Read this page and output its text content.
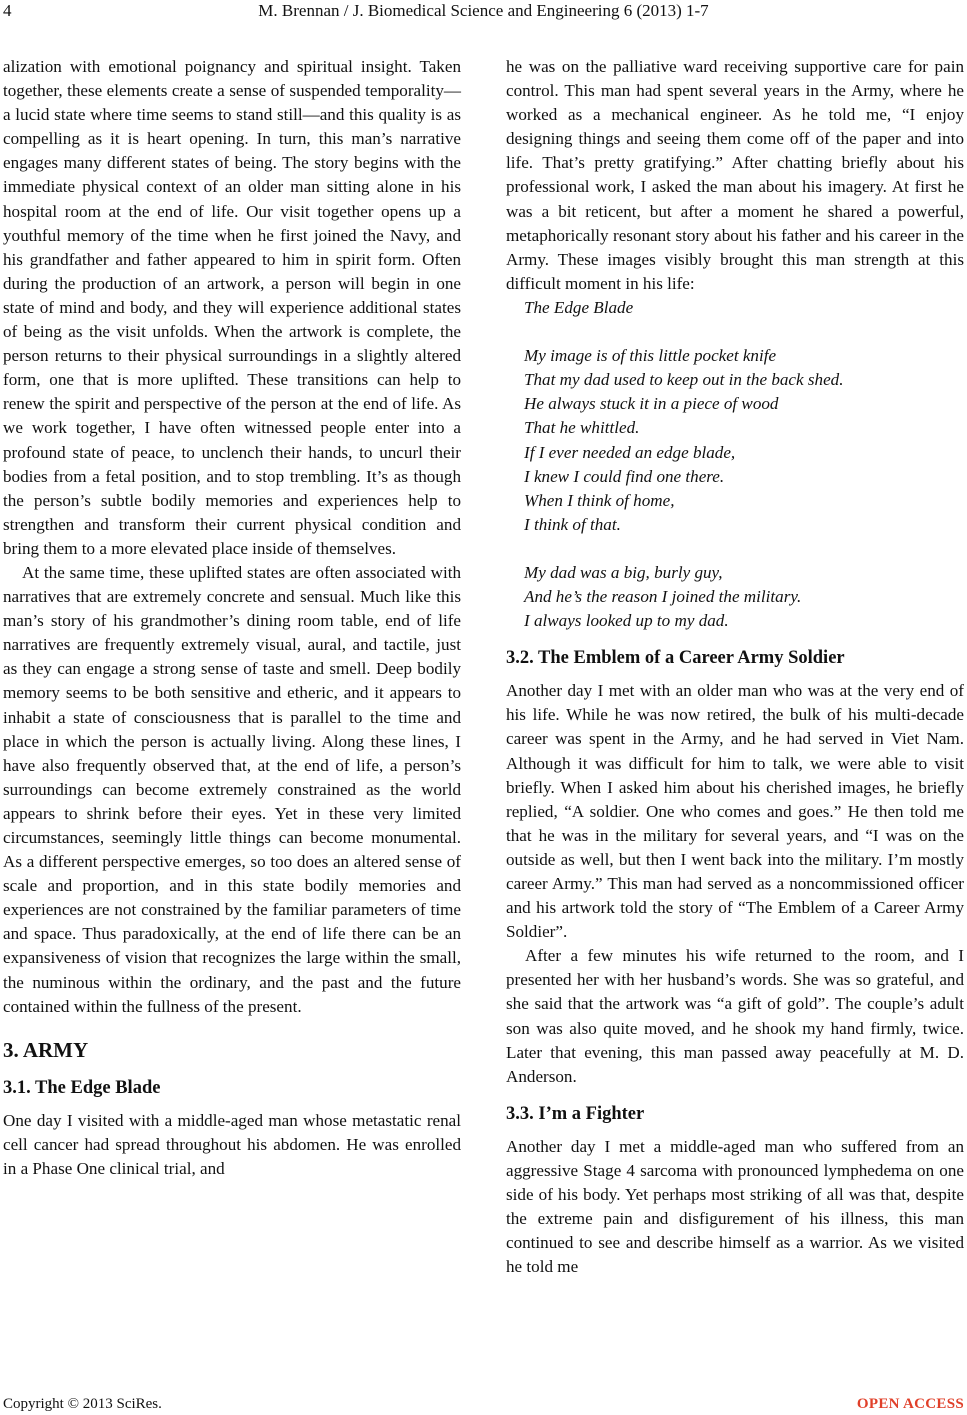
4	M. Brennan / J. Biomedical Science and Engineering 6 (2013) 1-7

alization with emotional poignancy and spiritual insight. Taken together, these elements create a sense of suspended temporality—a lucid state where time seems to stand still—and this quality is as compelling as it is heart opening. In turn, this man’s narrative engages many different states of being. The story begins with the immediate physical context of an older man sitting alone in his hospital room at the end of life. Our visit together opens up a youthful memory of the time when he first joined the Navy, and his grandfather and father appeared to him in spirit form. Often during the production of an artwork, a person will begin in one state of mind and body, and they will experience additional states of being as the visit unfolds. When the artwork is complete, the person returns to their physical surroundings in a slightly altered form, one that is more uplifted. These transitions can help to renew the spirit and perspective of the person at the end of life. As we work together, I have often witnessed people enter into a profound state of peace, to unclench their hands, to uncurl their bodies from a fetal position, and to stop trembling. It’s as though the person’s subtle bodily memories and experiences help to strengthen and transform their current physical condition and bring them to a more elevated place inside of themselves.

At the same time, these uplifted states are often associated with narratives that are extremely concrete and sensual. Much like this man’s story of his grandmother’s dining room table, end of life narratives are frequently extremely visual, aural, and tactile, just as they can engage a strong sense of taste and smell. Deep bodily memory seems to be both sensitive and etheric, and it appears to inhabit a state of consciousness that is parallel to the time and place in which the person is actually living. Along these lines, I have also frequently observed that, at the end of life, a person’s surroundings can become extremely constrained as the world appears to shrink before their eyes. Yet in these very limited circumstances, seemingly little things can become monumental. As a different perspective emerges, so too does an altered sense of scale and proportion, and in this state bodily memories and experiences are not constrained by the familiar parameters of time and space. Thus paradoxically, at the end of life there can be an expansiveness of vision that recognizes the large within the small, the numinous within the ordinary, and the past and the future contained within the fullness of the present.

3. ARMY
3.1. The Edge Blade

One day I visited with a middle-aged man whose metastatic renal cell cancer had spread throughout his abdomen. He was enrolled in a Phase One clinical trial, and

he was on the palliative ward receiving supportive care for pain control. This man had spent several years in the Army, where he worked as a mechanical engineer. As he told me, “I enjoy designing things and seeing them come off of the paper and into life. That’s pretty gratifying.” After chatting briefly about his professional work, I asked the man about his imagery. At first he was a bit reticent, but after a moment he shared a powerful, metaphorically resonant story about his father and his career in the Army. These images visibly brought this man strength at this difficult moment in his life:

The Edge Blade
My image is of this little pocket knife
That my dad used to keep out in the back shed.
He always stuck it in a piece of wood
That he whittled.
If I ever needed an edge blade,
I knew I could find one there.
When I think of home,
I think of that.
My dad was a big, burly guy,
And he’s the reason I joined the military.
I always looked up to my dad.
3.2. The Emblem of a Career Army Soldier

Another day I met with an older man who was at the very end of his life. While he was now retired, the bulk of his multi-decade career was spent in the Army, and he had served in Viet Nam. Although it was difficult for him to talk, we were able to visit briefly. When I asked him about his cherished images, he briefly replied, “A soldier. One who comes and goes.” He then told me that he was in the military for several years, and “I was on the outside as well, but then I went back into the military. I’m mostly career Army.” This man had served as a noncommissioned officer and his artwork told the story of “The Emblem of a Career Army Soldier”.

After a few minutes his wife returned to the room, and I presented her with her husband’s words. She was so grateful, and she said that the artwork was “a gift of gold”. The couple’s adult son was also quite moved, and he shook my hand firmly, twice. Later that evening, this man passed away peacefully at M. D. Anderson.

3.3. I’m a Fighter

Another day I met a middle-aged man who suffered from an aggressive Stage 4 sarcoma with pronounced lymphedema on one side of his body. Yet perhaps most striking of all was that, despite the extreme pain and disfigurement of his illness, this man continued to see and describe himself as a warrior. As we visited he told me

Copyright © 2013 SciRes.	OPEN ACCESS
